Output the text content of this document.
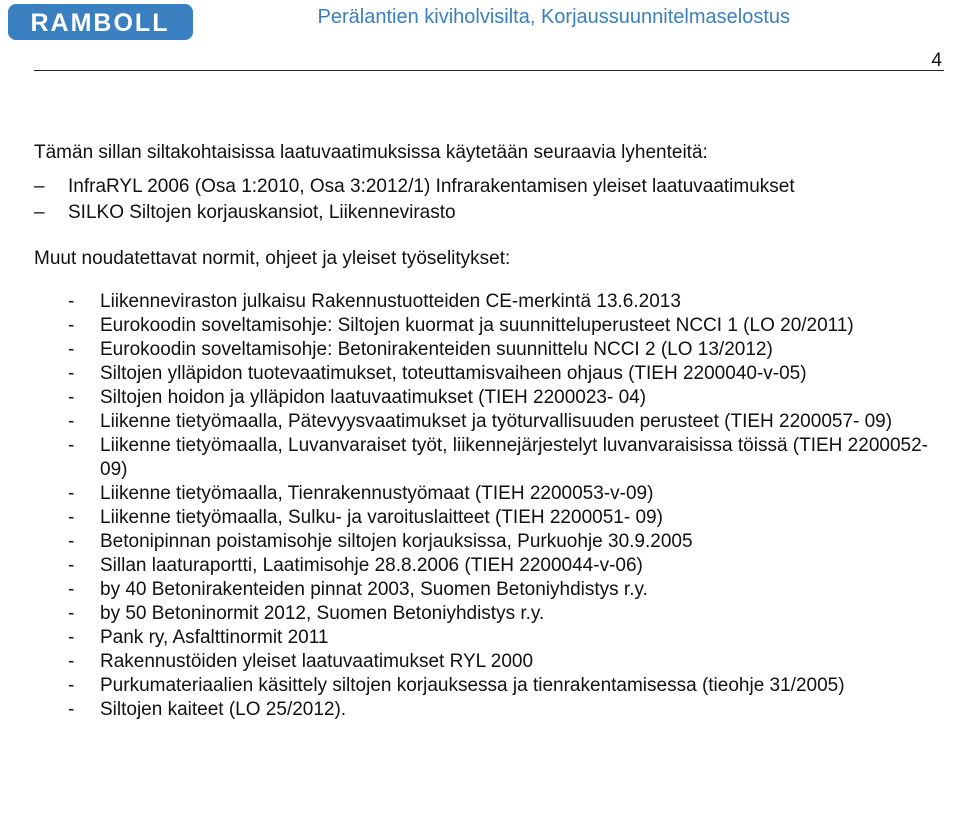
RAMBOLL	Perälantien kiviholvisilta, Korjaussuunnitelmaselostus
4

Tämän sillan siltakohtaisissa laatuvaatimuksissa käytetään seuraavia lyhenteitä:

– InfraRYL 2006 (Osa 1:2010, Osa 3:2012/1) Infrarakentamisen yleiset laatuvaatimukset
– SILKO Siltojen korjauskansiot, Liikennevirasto

Muut noudatettavat normit, ohjeet ja yleiset työselitykset:

- Liikenneviraston julkaisu Rakennustuotteiden CE-merkintä 13.6.2013
- Eurokoodin soveltamisohje: Siltojen kuormat ja suunnitteluperusteet NCCI 1 (LO 20/2011)
- Eurokoodin soveltamisohje: Betonirakenteiden suunnittelu NCCI 2 (LO 13/2012)
- Siltojen ylläpidon tuotevaatimukset, toteuttamisvaiheen ohjaus (TIEH 2200040-v-05)
- Siltojen hoidon ja ylläpidon laatuvaatimukset (TIEH 2200023- 04)
- Liikenne tietyömaalla, Pätevyysvaatimukset ja työturvallisuuden perusteet (TIEH 2200057- 09)
- Liikenne tietyömaalla, Luvanvaraiset työt, liikennejärjestelyt luvanvaraisissa töissä (TIEH 2200052-09)
- Liikenne tietyömaalla, Tienrakennustyömaat (TIEH 2200053-v-09)
- Liikenne tietyömaalla, Sulku- ja varoituslaitteet (TIEH 2200051- 09)
- Betonipinnan poistamisohje siltojen korjauksissa, Purkuohje 30.9.2005
- Sillan laaturaportti, Laatimisohje 28.8.2006 (TIEH 2200044-v-06)
- by 40 Betonirakenteiden pinnat 2003, Suomen Betoniyhdistys r.y.
- by 50 Betoninormit 2012, Suomen Betoniyhdistys r.y.
- Pank ry, Asfalttinormit 2011
- Rakennustöiden yleiset laatuvaatimukset RYL 2000
- Purkumateriaalien käsittely siltojen korjauksessa ja tienrakentamisessa (tieohje 31/2005)
- Siltojen kaiteet (LO 25/2012).
